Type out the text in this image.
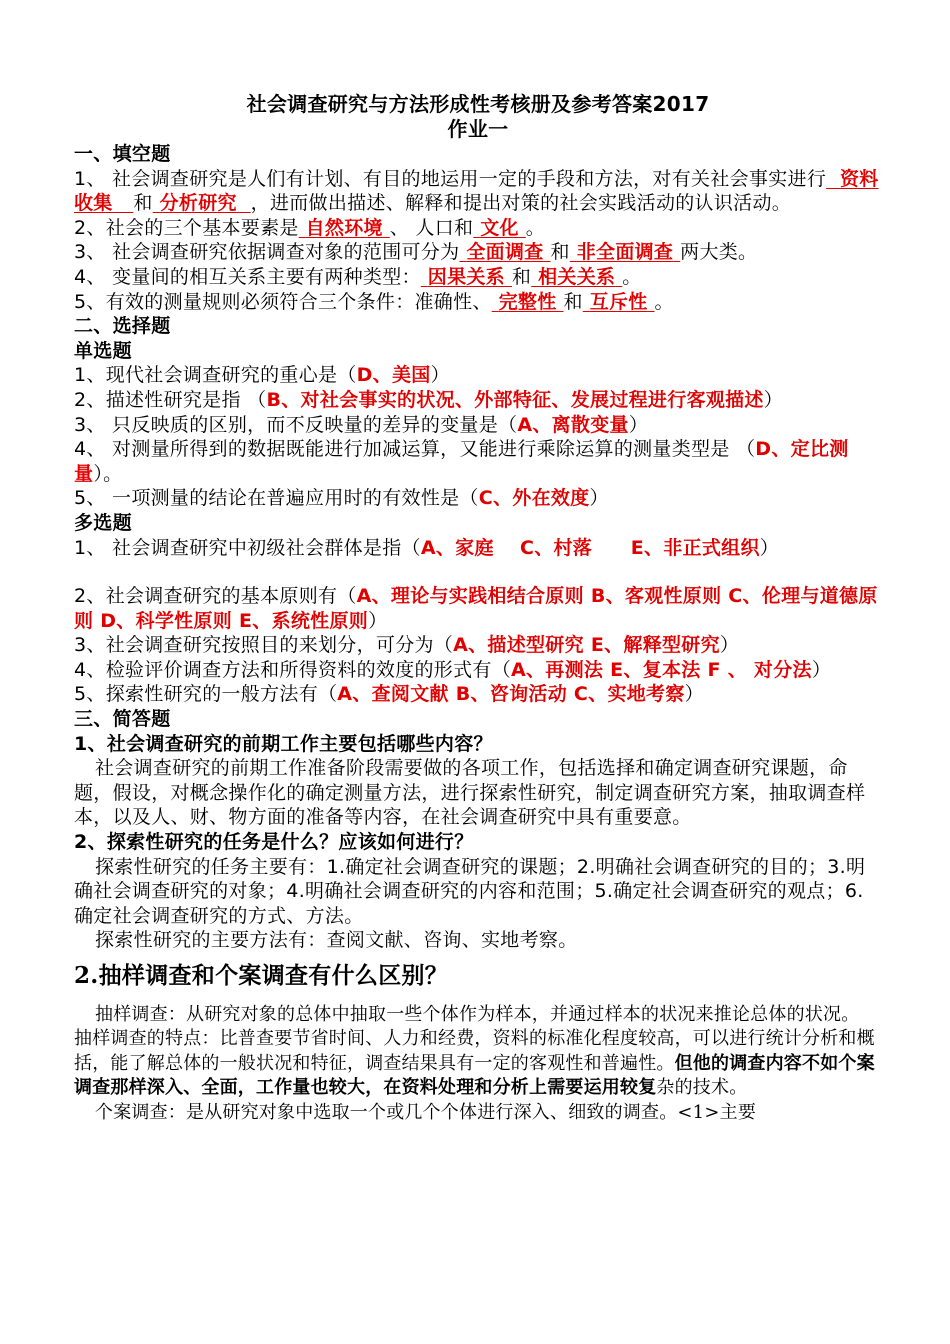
社会调查研究与方法形成性考核册及参考答案2017
作业一
一、填空题
1、 社会调查研究是人们有计划、有目的地运用一定的手段和方法，对有关社会事实进行 资料收集 和 分析研究 ，进而做出描述、解释和提出对策的社会实践活动的认识活动。
2、社会的三个基本要素是 自然环境 、 人口和 文化 。
3、 社会调查研究依据调查对象的范围可分为 全面调查 和 非全面调查 两大类。
4、 变量间的相互关系主要有两种类型： 因果关系 和 相关关系 。
5、有效的测量规则必须符合三个条件：准确性、 完整性 和 互斥性 。
二、选择题
单选题
1、现代社会调查研究的重心是（D、美国）
2、描述性研究是指 （B、对社会事实的状况、外部特征、发展过程进行客观描述）
3、 只反映质的区别，而不反映量的差异的变量是（A、离散变量）
4、 对测量所得到的数据既能进行加减运算，又能进行乘除运算的测量类型是 （D、定比测量）。
5、 一项测量的结论在普遍应用时的有效性是（C、外在效度）
多选题
1、 社会调查研究中初级社会群体是指（A、家庭　 C、村落　　E、非正式组织）
2、社会调查研究的基本原则有（A、理论与实践相结合原则 B、客观性原则 C、伦理与道德原则 D、科学性原则 E、系统性原则）
3、社会调查研究按照目的来划分，可分为（A、描述型研究 E、解释型研究）
4、检验评价调查方法和所得资料的效度的形式有（A、再测法 E、复本法 F 、 对分法）
5、探索性研究的一般方法有（A、查阅文献 B、咨询活动 C、实地考察）
三、简答题
1、社会调查研究的前期工作主要包括哪些内容？
社会调查研究的前期工作准备阶段需要做的各项工作，包括选择和确定调查研究课题，命题，假设，对概念操作化的确定测量方法，进行探索性研究，制定调查研究方案，抽取调查样本，以及人、财、物方面的准备等内容，在社会调查研究中具有重要意。
2、探索性研究的任务是什么？应该如何进行？
探索性研究的任务主要有：1.确定社会调查研究的课题；2.明确社会调查研究的目的；3.明确社会调查研究的对象；4.明确社会调查研究的内容和范围；5.确定社会调查研究的观点；6.确定社会调查研究的方式、方法。
探索性研究的主要方法有：查阅文献、咨询、实地考察。
2.抽样调查和个案调查有什么区别？
抽样调查：从研究对象的总体中抽取一些个体作为样本，并通过样本的状况来推论总体的状况。
抽样调查的特点：比普查要节省时间、人力和经费，资料的标准化程度较高，可以进行统计分析和概括，能了解总体的一般状况和特征，调查结果具有一定的客观性和普遍性。但他的调查内容不如个案调查那样深入、全面，工作量也较大，在资料处理和分析上需要运用较复杂的技术。
个案调查：是从研究对象中选取一个或几个个体进行深入、细致的调查。<1>主要
